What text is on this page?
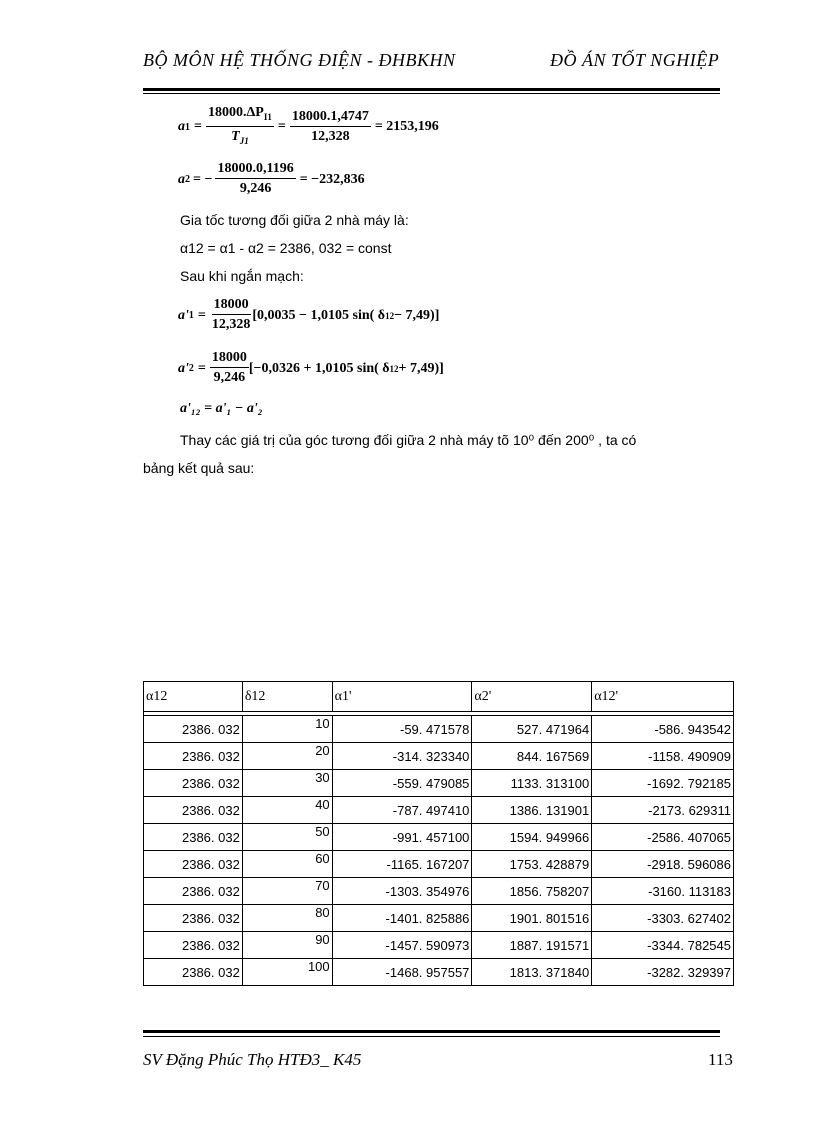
BỘ MÔN HỆ THỐNG ĐIỆN - ĐHBKHN	ĐỒ ÁN TỐT NGHIỆP
a $1 = \frac{18000.\Delta P_{I1}}{T_{J1}} = \frac{18000.1,4747}{12,328} = 2153,196$
a 2 = − $\frac{18000.0,1196}{9,246} = -232,836$
Gia tốc tương đối giữa 2 nhà máy là:
α12 = α1 - α2 = 2386, 032 = const
Sau khi ngắn mạch:
a' $1 = \frac{18000}{12,328} [0,0035 - 1,0105$ sin( δ 12 − 7,49)]
a' $2 = \frac{18000}{9,246} [-0,0326 + 1,0105$ sin( δ 12 + 7,49)]
a'₁₂ = a'₁ − a'₂
Thay các giá trị của góc tương đối giữa 2 nhà máy tõ 10⁰ đến 200⁰ , ta có
bảng kết quả sau:
α12	δ12	α1'	α2'	α12'

2386. 032	10	-59. 471578	527. 471964	-586. 943542
2386. 032	20	-314. 323340	844. 167569	-1158. 490909
2386. 032	30	-559. 479085	1133. 313100	-1692. 792185
2386. 032	40	-787. 497410	1386. 131901	-2173. 629311
2386. 032	50	-991. 457100	1594. 949966	-2586. 407065
2386. 032	60	-1165. 167207	1753. 428879	-2918. 596086
2386. 032	70	-1303. 354976	1856. 758207	-3160. 113183
2386. 032	80	-1401. 825886	1901. 801516	-3303. 627402
2386. 032	90	-1457. 590973	1887. 191571	-3344. 782545
2386. 032	100	-1468. 957557	1813. 371840	-3282. 329397
SV Đặng Phúc Thọ HTĐ3_ K45	113
